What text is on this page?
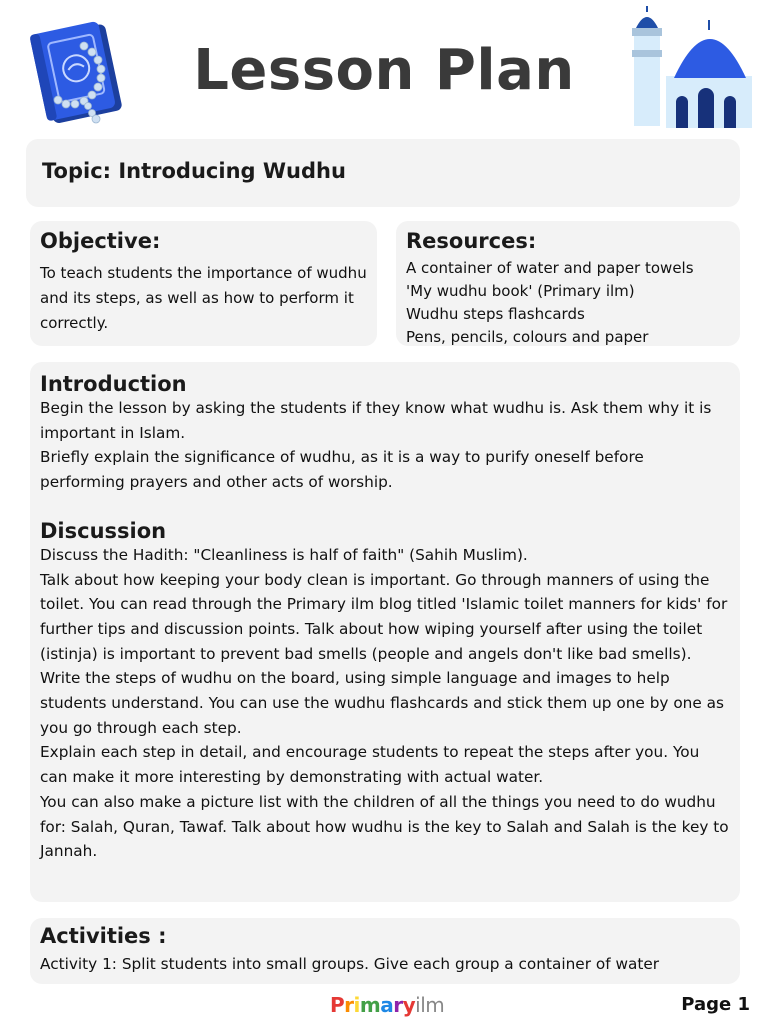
Lesson Plan
Topic: Introducing Wudhu
Objective:

To teach students the importance of wudhu and its steps, as well as how to perform it correctly.

Resources:
A container of water and paper towels
'My wudhu book' (Primary ilm)
Wudhu steps flashcards
Pens, pencils, colours and paper
Introduction

Begin the lesson by asking the students if they know what wudhu is. Ask them why it is important in Islam.

Briefly explain the significance of wudhu, as it is a way to purify oneself before performing prayers and other acts of worship.

Discussion

Discuss the Hadith: "Cleanliness is half of faith" (Sahih Muslim).

Talk about how keeping your body clean is important. Go through manners of using the toilet. You can read through the Primary ilm blog titled 'Islamic toilet manners for kids' for further tips and discussion points. Talk about how wiping yourself after using the toilet (istinja) is important to prevent bad smells (people and angels don't like bad smells).

Write the steps of wudhu on the board, using simple language and images to help students understand. You can use the wudhu flashcards and stick them up one by one as you go through each step.

Explain each step in detail, and encourage students to repeat the steps after you. You can make it more interesting by demonstrating with actual water.

You can also make a picture list with the children of all the things you need to do wudhu for: Salah, Quran, Tawaf. Talk about how wudhu is the key to Salah and Salah is the key to Jannah.

Activities :

Activity 1: Split students into small groups. Give each group a container of water

Primaryilm	Page 1
